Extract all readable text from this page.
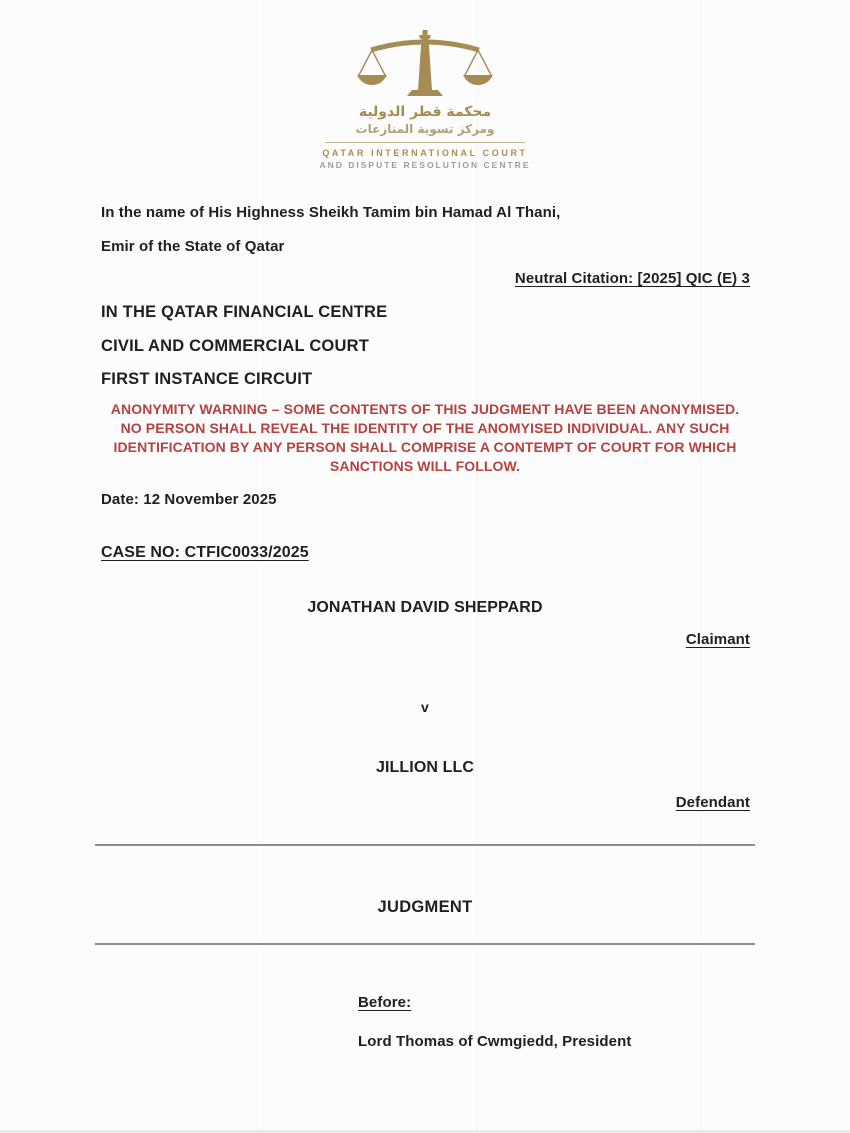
محكمة قطر الدولية
ومركز تسوية المنازعات
QATAR INTERNATIONAL COURT
AND DISPUTE RESOLUTION CENTRE
In the name of His Highness Sheikh Tamim bin Hamad Al Thani,
Emir of the State of Qatar
Neutral Citation: [2025] QIC (E) 3
IN THE QATAR FINANCIAL CENTRE
CIVIL AND COMMERCIAL COURT
FIRST INSTANCE CIRCUIT
ANONYMITY WARNING – SOME CONTENTS OF THIS JUDGMENT HAVE BEEN ANONYMISED. NO PERSON SHALL REVEAL THE IDENTITY OF THE ANOMYISED INDIVIDUAL. ANY SUCH IDENTIFICATION BY ANY PERSON SHALL COMPRISE A CONTEMPT OF COURT FOR WHICH SANCTIONS WILL FOLLOW.
Date: 12 November 2025
CASE NO: CTFIC0033/2025
JONATHAN DAVID SHEPPARD
Claimant
v
JILLION LLC
Defendant
JUDGMENT
Before:
Lord Thomas of Cwmgiedd, President
